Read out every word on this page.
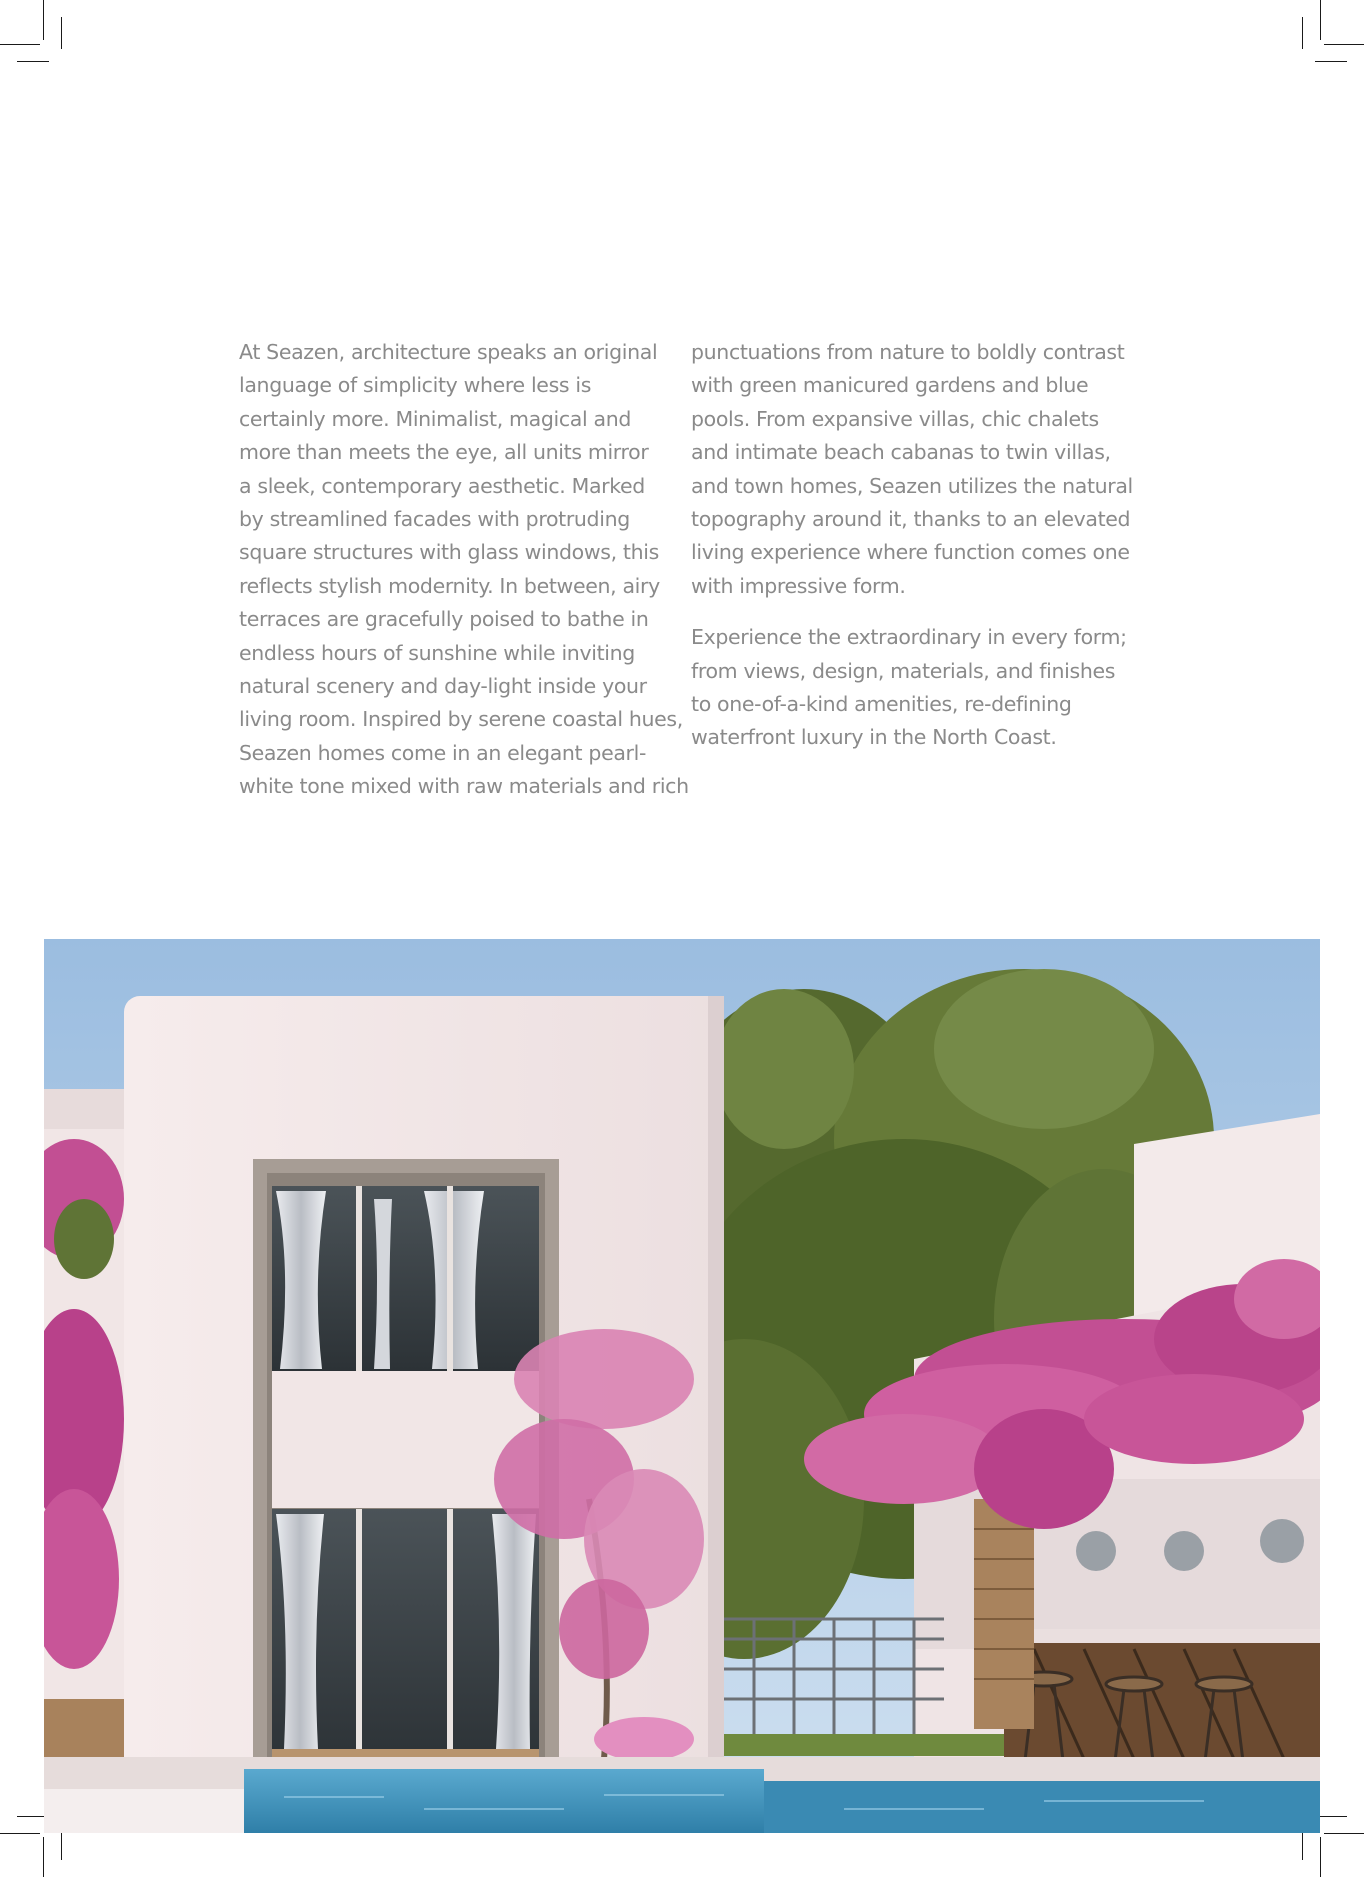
At Seazen, architecture speaks an original
language of simplicity where less is
certainly more. Minimalist, magical and
more than meets the eye, all units mirror
a sleek, contemporary aesthetic. Marked
by streamlined facades with protruding
square structures with glass windows, this
reflects stylish modernity. In between, airy
terraces are gracefully poised to bathe in
endless hours of sunshine while inviting
natural scenery and day-light inside your
living room. Inspired by serene coastal hues,
Seazen homes come in an elegant pearl-
white tone mixed with raw materials and rich

punctuations from nature to boldly contrast
with green manicured gardens and blue
pools. From expansive villas, chic chalets
and intimate beach cabanas to twin villas,
and town homes, Seazen utilizes the natural
topography around it, thanks to an elevated
living experience where function comes one
with impressive form.

Experience the extraordinary in every form;
from views, design, materials, and finishes
to one-of-a-kind amenities, re-defining
waterfront luxury in the North Coast.
